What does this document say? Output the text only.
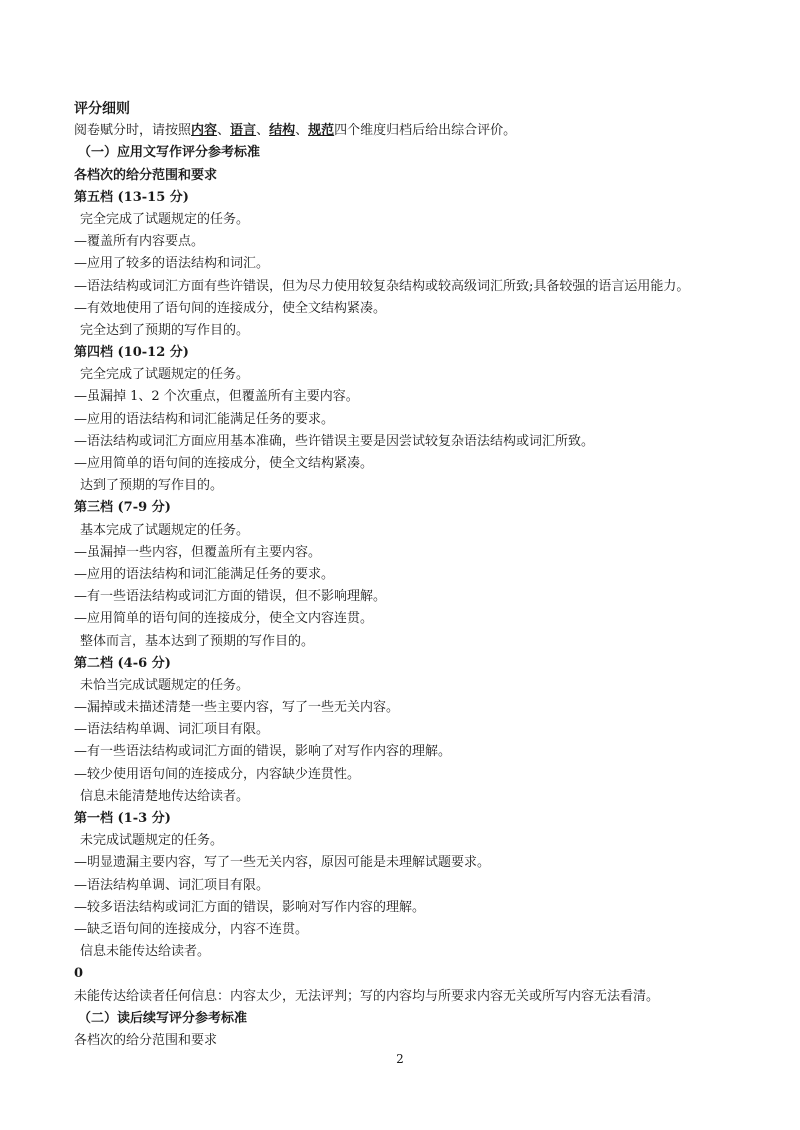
评分细则
阅卷赋分时，请按照内容、语言、结构、规范四个维度归档后给出综合评价。
（一）应用文写作评分参考标准
各档次的给分范围和要求
第五档 (13-15 分)
完全完成了试题规定的任务。
—覆盖所有内容要点。
—应用了较多的语法结构和词汇。
—语法结构或词汇方面有些许错误，但为尽力使用较复杂结构或较高级词汇所致;具备较强的语言运用能力。
—有效地使用了语句间的连接成分，使全文结构紧凑。
完全达到了预期的写作目的。
第四档 (10-12 分)
完全完成了试题规定的任务。
—虽漏掉 1、2 个次重点，但覆盖所有主要内容。
—应用的语法结构和词汇能满足任务的要求。
—语法结构或词汇方面应用基本准确，些许错误主要是因尝试较复杂语法结构或词汇所致。
—应用简单的语句间的连接成分，使全文结构紧凑。
达到了预期的写作目的。
第三档 (7-9 分)
基本完成了试题规定的任务。
—虽漏掉一些内容，但覆盖所有主要内容。
—应用的语法结构和词汇能满足任务的要求。
—有一些语法结构或词汇方面的错误，但不影响理解。
—应用简单的语句间的连接成分，使全文内容连贯。
整体而言，基本达到了预期的写作目的。
第二档 (4-6 分)
未恰当完成试题规定的任务。
—漏掉或未描述清楚一些主要内容，写了一些无关内容。
—语法结构单调、词汇项目有限。
—有一些语法结构或词汇方面的错误，影响了对写作内容的理解。
—较少使用语句间的连接成分，内容缺少连贯性。
信息未能清楚地传达给读者。
第一档 (1-3 分)
未完成试题规定的任务。
—明显遗漏主要内容，写了一些无关内容，原因可能是未理解试题要求。
—语法结构单调、词汇项目有限。
—较多语法结构或词汇方面的错误，影响对写作内容的理解。
—缺乏语句间的连接成分，内容不连贯。
信息未能传达给读者。
0
未能传达给读者任何信息：内容太少，无法评判；写的内容均与所要求内容无关或所写内容无法看清。
（二）读后续写评分参考标准
各档次的给分范围和要求
2
